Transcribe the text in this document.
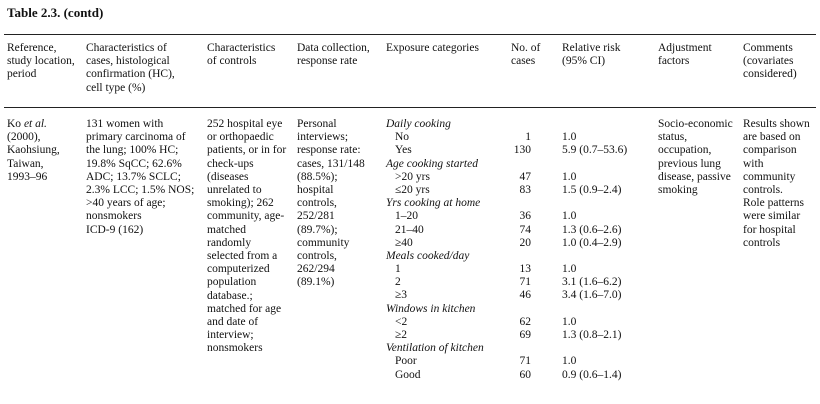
Table 2.3. (contd)
Reference,
study location,
period
Characteristics of
cases, histological
confirmation (HC),
cell type (%)
Characteristics
of controls
Data collection,
response rate
Exposure categories	No. of
cases
Relative risk
(95% CI)
Adjustment
factors
Comments
(covariates
considered)
Ko et al.
(2000),
Kaohsiung,
Taiwan,
1993–96
131 women with
primary carcinoma of
the lung; 100% HC;
19.8% SqCC; 62.6%
ADC; 13.7% SCLC;
2.3% LCC; 1.5% NOS;
>40 years of age;
nonsmokers
ICD-9 (162)
252 hospital eye
or orthopaedic
patients, or in for
check-ups
(diseases
unrelated to
smoking); 262
community, age-
matched
randomly
selected from a
computerized
population
database.;
matched for age
and date of
interview;
nonsmokers
Personal
interviews;
response rate:
cases, 131/148
(88.5%);
hospital
controls,
252/281
(89.7%);
community
controls,
262/294
(89.1%)
Daily cooking
No
Yes
Age cooking started
>20 yrs
≤20 yrs
Yrs cooking at home
1–20
21–40
≥40
Meals cooked/day
1
2
≥3
Windows in kitchen
<2
≥2
Ventilation of kitchen
Poor
Good
1
130
47
83
36
74
20
13
71
46
62
69
71
60
1.0
5.9 (0.7–53.6)
1.0
1.5 (0.9–2.4)
1.0
1.3 (0.6–2.6)
1.0 (0.4–2.9)
1.0
3.1 (1.6–6.2)
3.4 (1.6–7.0)
1.0
1.3 (0.8–2.1)
1.0
0.9 (0.6–1.4)
Socio-economic
status,
occupation,
previous lung
disease, passive
smoking
Results shown
are based on
comparison
with
community
controls.
Role patterns
were similar
for hospital
controls
